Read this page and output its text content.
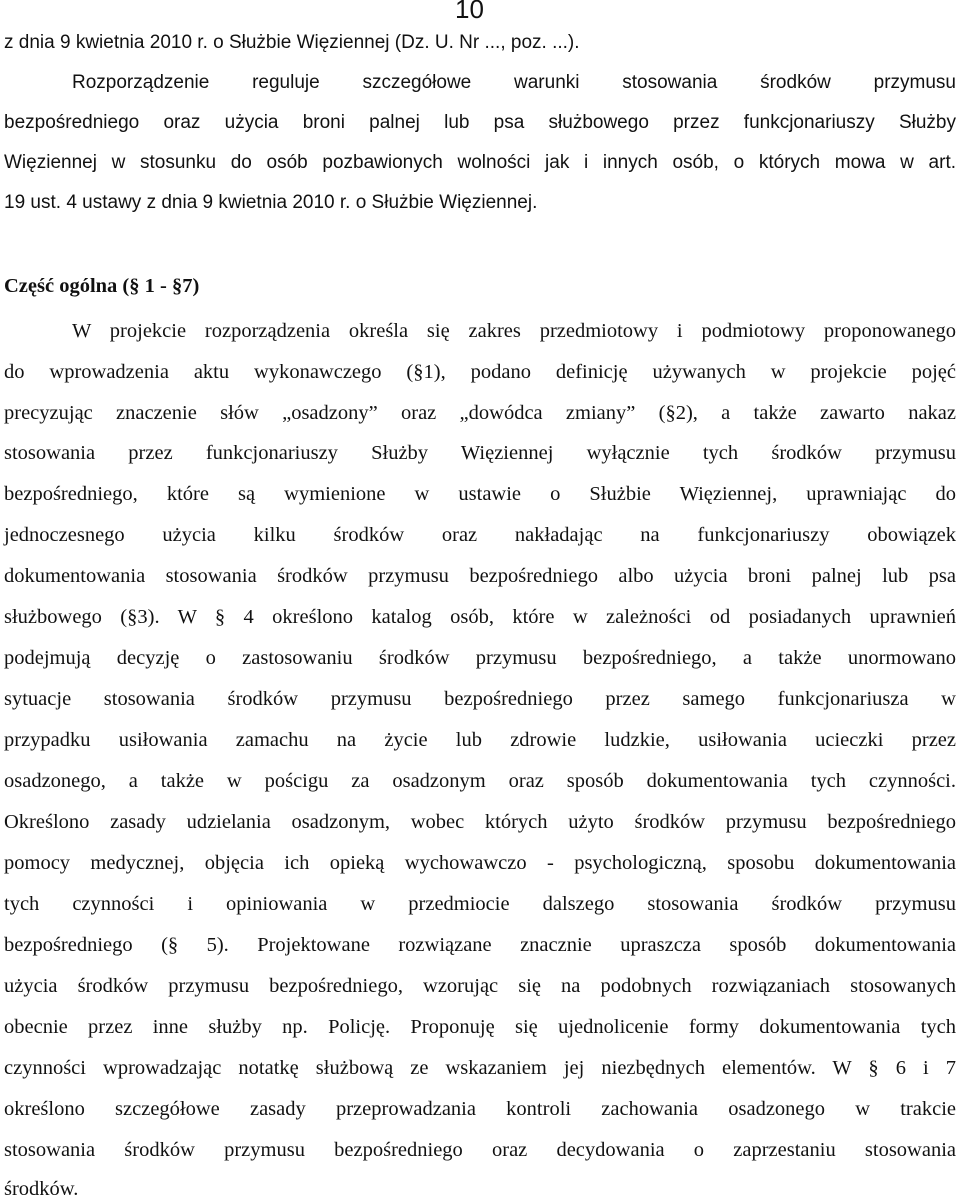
10
z dnia 9 kwietnia 2010 r. o Służbie Więziennej (Dz. U. Nr ..., poz. ...).
Rozporządzenie reguluje szczegółowe warunki stosowania środków przymusu
bezpośredniego oraz użycia broni palnej lub psa służbowego przez funkcjonariuszy Służby
Więziennej w stosunku do osób pozbawionych wolności jak i innych osób, o których mowa w art.
19 ust. 4 ustawy z dnia 9 kwietnia 2010 r. o Służbie Więziennej.
Część ogólna (§ 1 - §7)
W projekcie rozporządzenia określa się zakres przedmiotowy i podmiotowy proponowanego
do wprowadzenia aktu wykonawczego (§1), podano definicję używanych w projekcie pojęć
precyzując znaczenie słów „osadzony” oraz „dowódca zmiany” (§2), a także zawarto nakaz
stosowania przez funkcjonariuszy Służby Więziennej wyłącznie tych środków przymusu
bezpośredniego, które są wymienione w ustawie o Służbie Więziennej, uprawniając do
jednoczesnego użycia kilku środków oraz nakładając na funkcjonariuszy obowiązek
dokumentowania stosowania środków przymusu bezpośredniego albo użycia broni palnej lub psa
służbowego (§3). W § 4 określono katalog osób, które w zależności od posiadanych uprawnień
podejmują decyzję o zastosowaniu środków przymusu bezpośredniego, a także unormowano
sytuacje stosowania środków przymusu bezpośredniego przez samego funkcjonariusza w
przypadku usiłowania zamachu na życie lub zdrowie ludzkie, usiłowania ucieczki przez
osadzonego, a także w pościgu za osadzonym oraz sposób dokumentowania tych czynności.
Określono zasady udzielania osadzonym, wobec których użyto środków przymusu bezpośredniego
pomocy medycznej, objęcia ich opieką wychowawczo - psychologiczną, sposobu dokumentowania
tych czynności i opiniowania w przedmiocie dalszego stosowania środków przymusu
bezpośredniego (§ 5). Projektowane rozwiązane znacznie upraszcza sposób dokumentowania
użycia środków przymusu bezpośredniego, wzorując się na podobnych rozwiązaniach stosowanych
obecnie przez inne służby np. Policję. Proponuję się ujednolicenie formy dokumentowania tych
czynności wprowadzając notatkę służbową ze wskazaniem jej niezbędnych elementów. W § 6 i 7
określono szczegółowe zasady przeprowadzania kontroli zachowania osadzonego w trakcie
stosowania środków przymusu bezpośredniego oraz decydowania o zaprzestaniu stosowania
środków.
